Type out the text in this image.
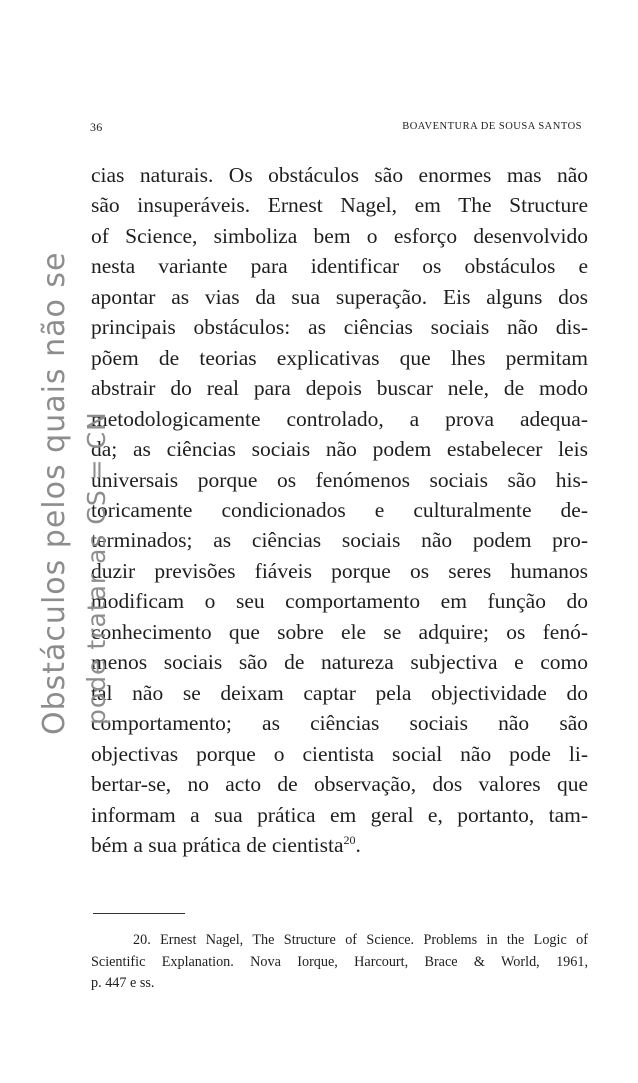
36	BOAVENTURA DE SOUSA SANTOS
cias naturais. Os obstáculos são enormes mas não
são insuperáveis. Ernest Nagel, em The Structure
of Science, simboliza bem o esforço desenvolvido
nesta variante para identificar os obstáculos e
apontar as vias da sua superação. Eis alguns dos
principais obstáculos: as ciências sociais não dis-
põem de teorias explicativas que lhes permitam
abstrair do real para depois buscar nele, de modo
metodologicamente controlado, a prova adequa-
da; as ciências sociais não podem estabelecer leis
universais porque os fenómenos sociais são his-
toricamente condicionados e culturalmente de-
terminados; as ciências sociais não podem pro-
duzir previsões fiáveis porque os seres humanos
modificam o seu comportamento em função do
conhecimento que sobre ele se adquire; os fenó-
menos sociais são de natureza subjectiva e como
tal não se deixam captar pela objectividade do
comportamento; as ciências sociais não são
objectivas porque o cientista social não pode li-
bertar-se, no acto de observação, dos valores que
informam a sua prática em geral e, portanto, tam-
bém a sua prática de cientista$^{20}$.
20. Ernest Nagel, The Structure of Science. Problems in the Logic of
Scientific Explanation. Nova Iorque, Harcourt, Brace & World, 1961,
p. 447 e ss.
Obstáculos pelos quais não se pode tratar as CS = CN
